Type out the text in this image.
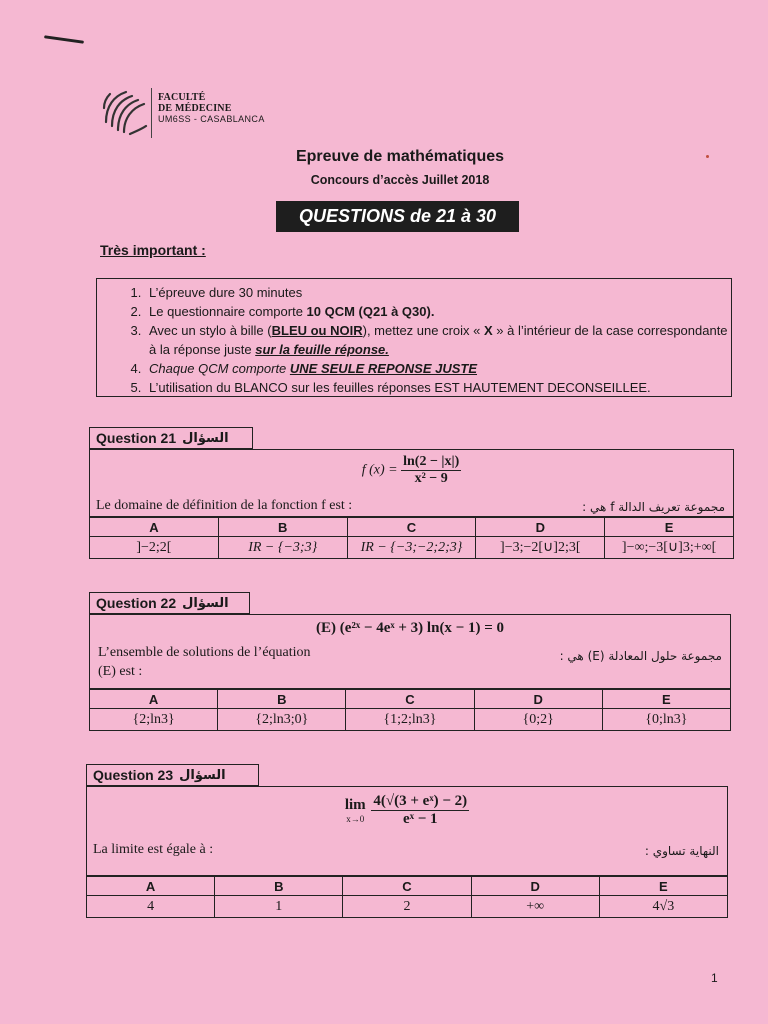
FACULTÉ
DE MÉDECINE
UM6SS - CASABLANCA
Epreuve de mathématiques
Concours d’accès Juillet 2018
QUESTIONS de 21 à 30
Très important :
1. L’épreuve dure 30 minutes
2. Le questionnaire comporte 10 QCM (Q21 à Q30).
3. Avec un stylo à bille (BLEU ou NOIR), mettez une croix « X » à l’intérieur de la case correspondante à la réponse juste sur la feuille réponse.
4. Chaque QCM comporte UNE SEULE REPONSE JUSTE
5. L’utilisation du BLANCO sur les feuilles réponses EST HAUTEMENT DECONSEILLEE.
Question 21 السؤال
f $(x) = \frac{\ln(2 - |x|)}{\text{x² − 9}}$
Le domaine de définition de la fonction f est :	مجموعة تعريف الدالة f هي :
A	B	C	D	E
]−2;2[	IR − {−3;3}	IR − {−3;−2;2;3}	]−3;−2[∪]2;3[	]−∞;−3[∪]3;+∞[
Question 22 السؤال
(E) (e²ˣ − 4eˣ + 3) ln(x − 1) = 0
L’ensemble de solutions de l’équation
(E) est :
مجموعة حلول المعادلة (E) هي :
A	B	C	D	E
{2;ln3}	{2;ln3;0}	{1;2;ln3}	{0;2}	{0;ln3}
Question 23 السؤال
lim
x→0
$\frac{\text{4(√(3 + eˣ) − 2)}}{\text{eˣ − 1}}$
La limite est égale à :	النهاية تساوي :
A	B	C	D	E
4	1	2	+∞	4√3
1
